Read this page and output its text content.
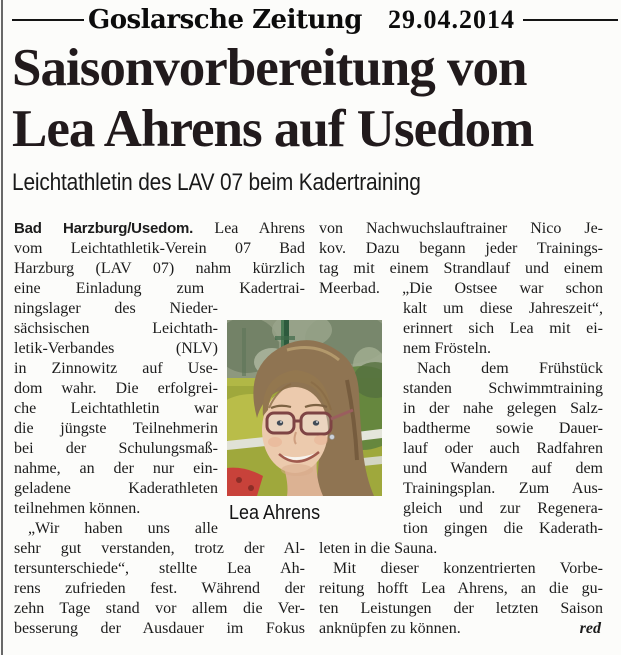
Goslarsche Zeitung 29.04.2014
Saisonvorbereitung von
Lea Ahrens auf Usedom
Leichtathletin des LAV 07 beim Kadertraining
Bad Harzburg/Usedom. Lea Ahrens
vom Leichtathletik-Verein 07 Bad
Harzburg (LAV 07) nahm kürzlich
eine Einladung zum Kadertrai-
ningslager des Nieder-
sächsischen Leichtath-
letik-Verbandes (NLV)
in Zinnowitz auf Use-
dom wahr. Die erfolgrei-
che Leichtathletin war
die jüngste Teilnehmerin
bei der Schulungsmaß-
nahme, an der nur ein-
geladene Kaderathleten
teilnehmen können.
„Wir haben uns alle
sehr gut verstanden, trotz der Al-
tersunterschiede“, stellte Lea Ah-
rens zufrieden fest. Während der
zehn Tage stand vor allem die Ver-
besserung der Ausdauer im Fokus
von Nachwuchslauftrainer Nico Je-
kov. Dazu begann jeder Trainings-
tag mit einem Strandlauf und einem
Meerbad. „Die Ostsee war schon
kalt um diese Jahreszeit“,
erinnert sich Lea mit ei-
nem Frösteln.
Nach dem Frühstück
standen Schwimmtraining
in der nahe gelegen Salz-
badtherme sowie Dauer-
lauf oder auch Radfahren
und Wandern auf dem
Trainingsplan. Zum Aus-
gleich und zur Regenera-
tion gingen die Kaderath-
leten in die Sauna.
Mit dieser konzentrierten Vorbe-
reitung hofft Lea Ahrens, an die gu-
ten Leistungen der letzten Saison
anknüpfen zu können.	red
Lea Ahrens
